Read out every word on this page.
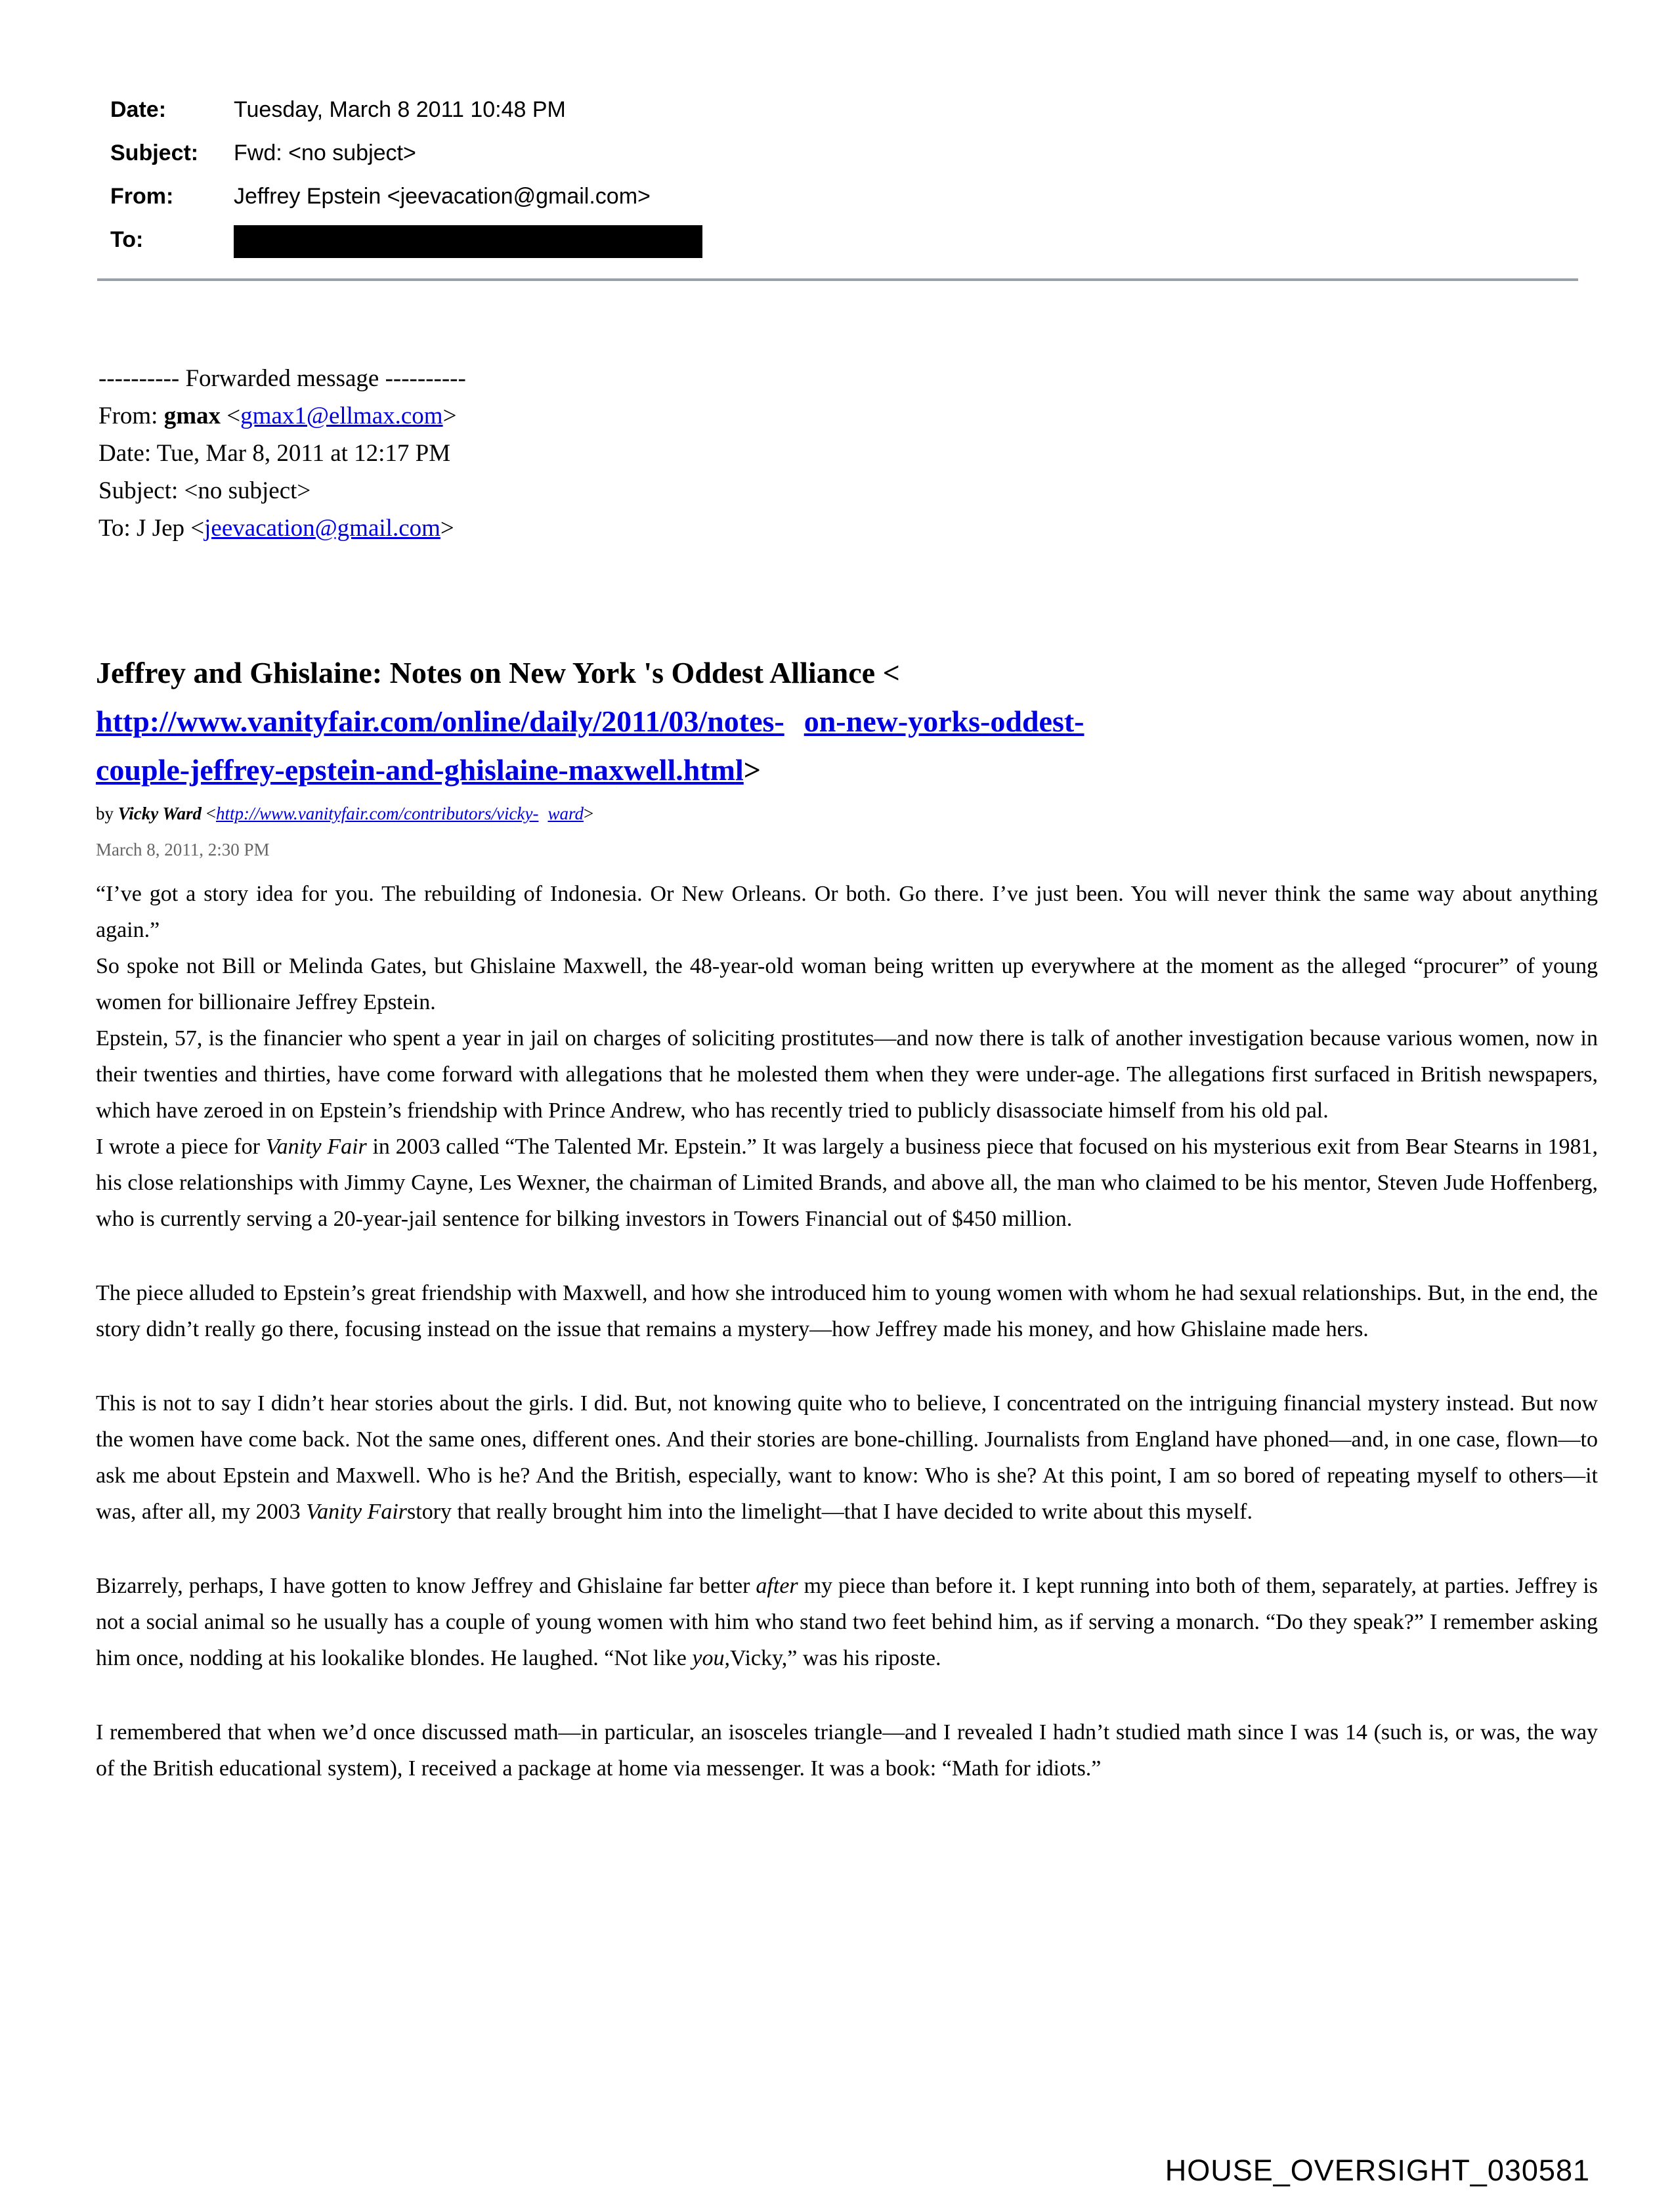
Date:	Tuesday, March 8 2011 10:48 PM
Subject:	Fwd: <no subject>
From:	Jeffrey Epstein <jeevacation@gmail.com>
To:
---------- Forwarded message ----------
From: gmax <gmax1@ellmax.com>
Date: Tue, Mar 8, 2011 at 12:17 PM
Subject: <no subject>
To: J Jep <jeevacation@gmail.com>
Jeffrey and Ghislaine: Notes on New York 's Oddest Alliance <
http://www.vanityfair.com/online/daily/2011/03/notes- on-new-yorks-oddest-
couple-jeffrey-epstein-and-ghislaine-maxwell.html>
by Vicky Ward <http://www.vanityfair.com/contributors/vicky- ward>
March 8, 2011, 2:30 PM

“I’ve got a story idea for you. The rebuilding of Indonesia. Or New Orleans. Or both. Go there. I’ve just been. You will never think the same way about anything again.”

So spoke not Bill or Melinda Gates, but Ghislaine Maxwell, the 48-year-old woman being written up everywhere at the moment as the alleged “procurer” of young women for billionaire Jeffrey Epstein.

Epstein, 57, is the financier who spent a year in jail on charges of soliciting prostitutes—and now there is talk of another investigation because various women, now in their twenties and thirties, have come forward with allegations that he molested them when they were under-age. The allegations first surfaced in British newspapers, which have zeroed in on Epstein’s friendship with Prince Andrew, who has recently tried to publicly disassociate himself from his old pal.

I wrote a piece for Vanity Fair in 2003 called “The Talented Mr. Epstein.” It was largely a business piece that focused on his mysterious exit from Bear Stearns in 1981, his close relationships with Jimmy Cayne, Les Wexner, the chairman of Limited Brands, and above all, the man who claimed to be his mentor, Steven Jude Hoffenberg, who is currently serving a 20-year-jail sentence for bilking investors in Towers Financial out of $450 million.

The piece alluded to Epstein’s great friendship with Maxwell, and how she introduced him to young women with whom he had sexual relationships. But, in the end, the story didn’t really go there, focusing instead on the issue that remains a mystery—how Jeffrey made his money, and how Ghislaine made hers.

This is not to say I didn’t hear stories about the girls. I did. But, not knowing quite who to believe, I concentrated on the intriguing financial mystery instead. But now the women have come back. Not the same ones, different ones. And their stories are bone-chilling. Journalists from England have phoned—and, in one case, flown—to ask me about Epstein and Maxwell. Who is he? And the British, especially, want to know: Who is she? At this point, I am so bored of repeating myself to others—it was, after all, my 2003 Vanity Fairstory that really brought him into the limelight—that I have decided to write about this myself.

Bizarrely, perhaps, I have gotten to know Jeffrey and Ghislaine far better after my piece than before it. I kept running into both of them, separately, at parties. Jeffrey is not a social animal so he usually has a couple of young women with him who stand two feet behind him, as if serving a monarch. “Do they speak?” I remember asking him once, nodding at his lookalike blondes. He laughed. “Not like you,Vicky,” was his riposte.

I remembered that when we’d once discussed math—in particular, an isosceles triangle—and I revealed I hadn’t studied math since I was 14 (such is, or was, the way of the British educational system), I received a package at home via messenger. It was a book: “Math for idiots.”

HOUSE_OVERSIGHT_030581
